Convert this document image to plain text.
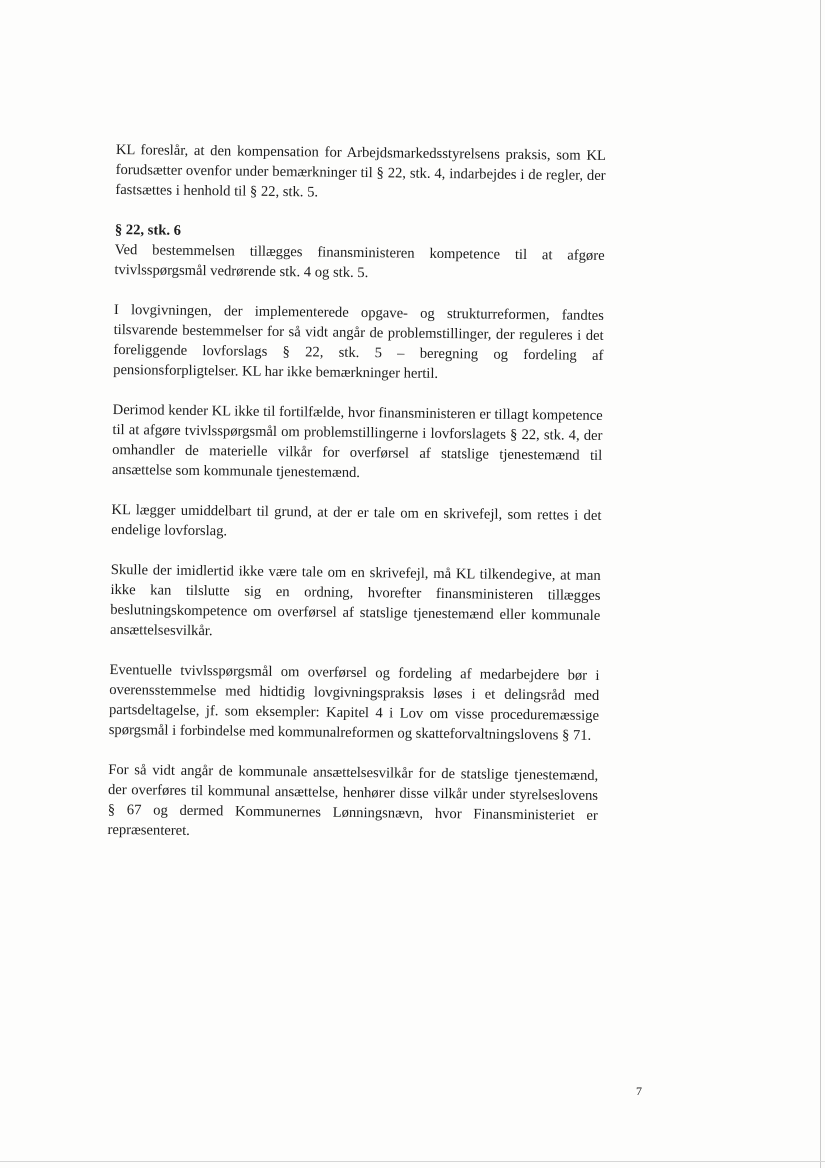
KL foreslår, at den kompensation for Arbejdsmarkedsstyrelsens praksis, som KL forudsætter ovenfor under bemærkninger til § 22, stk. 4, indarbejdes i de regler, der fastsættes i henhold til § 22, stk. 5.

§ 22, stk. 6

Ved bestemmelsen tillægges finansministeren kompetence til at afgøre tvivlsspørgsmål vedrørende stk. 4 og stk. 5.

I lovgivningen, der implementerede opgave- og strukturreformen, fandtes tilsvarende bestemmelser for så vidt angår de problemstillinger, der reguleres i det foreliggende lovforslags § 22, stk. 5 – beregning og fordeling af pensionsforpligtelser. KL har ikke bemærkninger hertil.

Derimod kender KL ikke til fortilfælde, hvor finansministeren er tillagt kompetence til at afgøre tvivlsspørgsmål om problemstillingerne i lovforslagets § 22, stk. 4, der omhandler de materielle vilkår for overførsel af statslige tjenestemænd til ansættelse som kommunale tjenestemænd.

KL lægger umiddelbart til grund, at der er tale om en skrivefejl, som rettes i det endelige lovforslag.

Skulle der imidlertid ikke være tale om en skrivefejl, må KL tilkendegive, at man ikke kan tilslutte sig en ordning, hvorefter finansministeren tillægges beslutningskompetence om overførsel af statslige tjenestemænd eller kommunale ansættelsesvilkår.

Eventuelle tvivlsspørgsmål om overførsel og fordeling af medarbejdere bør i overensstemmelse med hidtidig lovgivningspraksis løses i et delingsråd med partsdeltagelse, jf. som eksempler: Kapitel 4 i Lov om visse proceduremæssige spørgsmål i forbindelse med kommunalreformen og skatteforvaltningslovens § 71.

For så vidt angår de kommunale ansættelsesvilkår for de statslige tjenestemænd, der overføres til kommunal ansættelse, henhører disse vilkår under styrelseslovens § 67 og dermed Kommunernes Lønningsnævn, hvor Finansministeriet er repræsenteret.

7
